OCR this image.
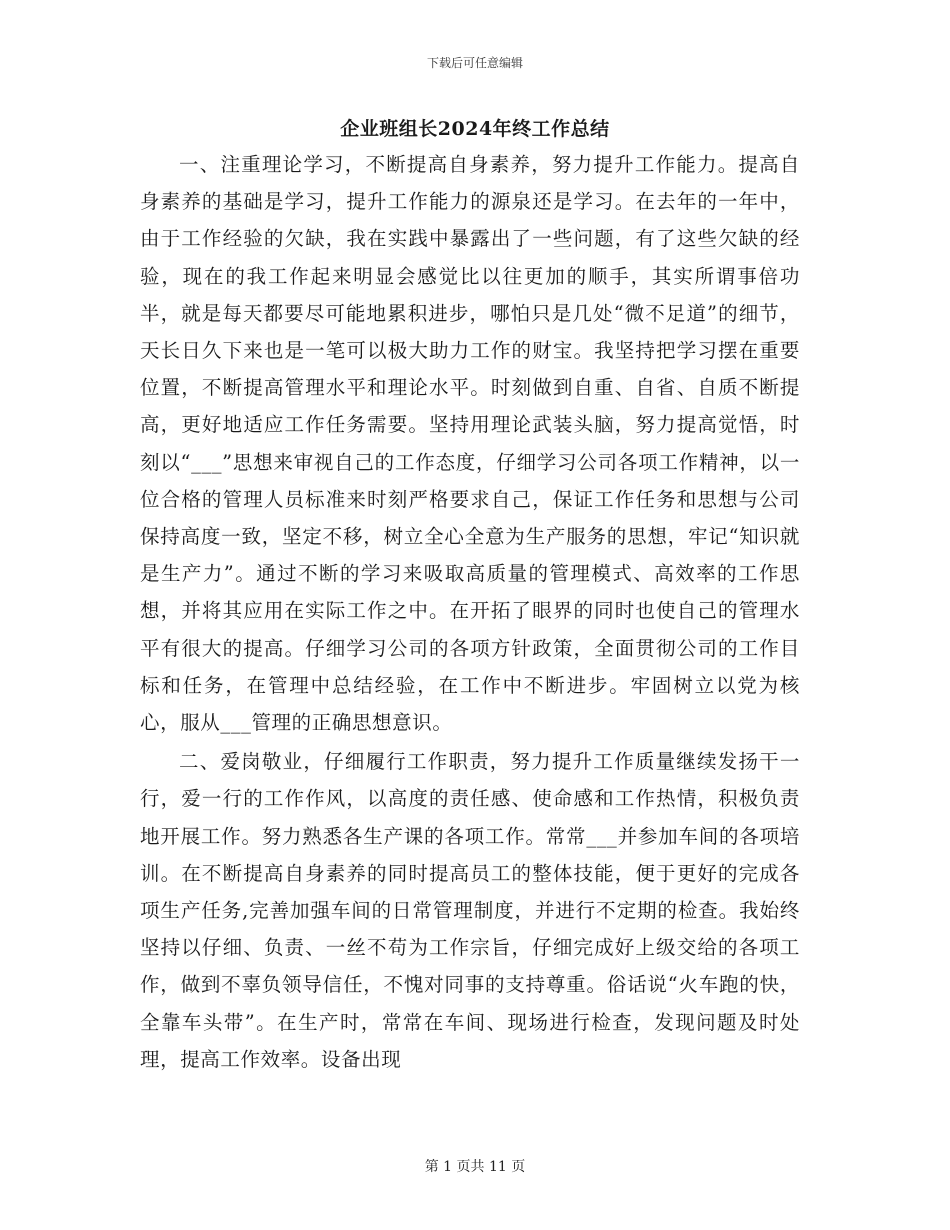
下载后可任意编辑
企业班组长2024年终工作总结

一、注重理论学习，不断提高自身素养，努力提升工作能力。提高自身素养的基础是学习，提升工作能力的源泉还是学习。在去年的一年中，由于工作经验的欠缺，我在实践中暴露出了一些问题，有了这些欠缺的经验，现在的我工作起来明显会感觉比以往更加的顺手，其实所谓事倍功半，就是每天都要尽可能地累积进步，哪怕只是几处“微不足道”的细节，天长日久下来也是一笔可以极大助力工作的财宝。我坚持把学习摆在重要位置，不断提高管理水平和理论水平。时刻做到自重、自省、自质不断提高，更好地适应工作任务需要。坚持用理论武装头脑，努力提高觉悟，时刻以“___”思想来审视自己的工作态度，仔细学习公司各项工作精神，以一位合格的管理人员标准来时刻严格要求自己，保证工作任务和思想与公司保持高度一致，坚定不移，树立全心全意为生产服务的思想，牢记“知识就是生产力”。通过不断的学习来吸取高质量的管理模式、高效率的工作思想，并将其应用在实际工作之中。在开拓了眼界的同时也使自己的管理水平有很大的提高。仔细学习公司的各项方针政策，全面贯彻公司的工作目标和任务，在管理中总结经验，在工作中不断进步。牢固树立以党为核心，服从___管理的正确思想意识。

二、爱岗敬业，仔细履行工作职责，努力提升工作质量继续发扬干一行，爱一行的工作作风，以高度的责任感、使命感和工作热情，积极负责地开展工作。努力熟悉各生产课的各项工作。常常___并参加车间的各项培训。在不断提高自身素养的同时提高员工的整体技能，便于更好的完成各项生产任务,完善加强车间的日常管理制度，并进行不定期的检查。我始终坚持以仔细、负责、一丝不苟为工作宗旨，仔细完成好上级交给的各项工作，做到不辜负领导信任，不愧对同事的支持尊重。俗话说“火车跑的快，全靠车头带”。在生产时，常常在车间、现场进行检查，发现问题及时处理，提高工作效率。设备出现

第 1 页共 11 页
